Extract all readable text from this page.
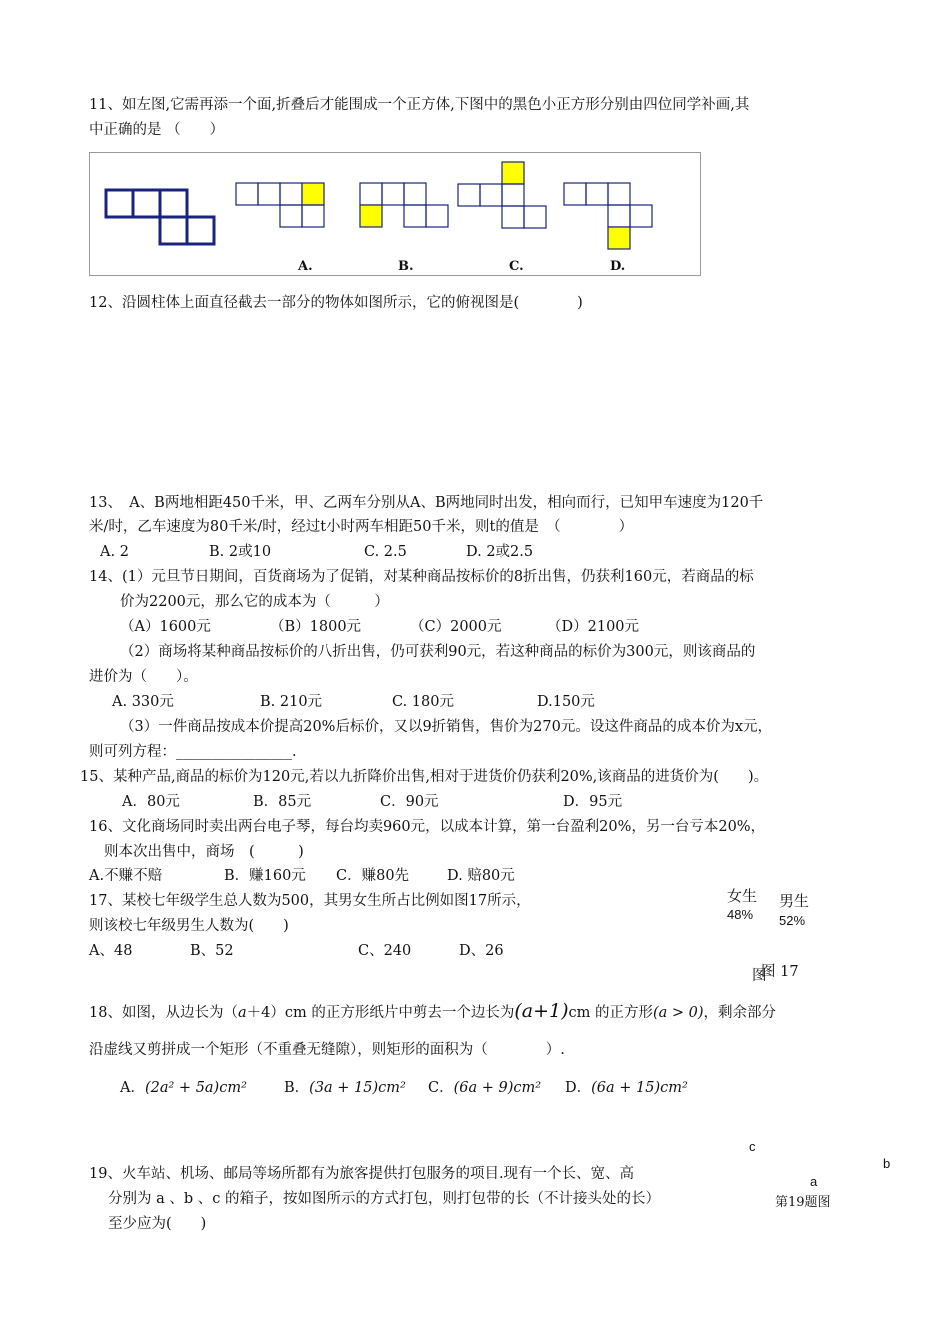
11、如左图,它需再添一个面,折叠后才能围成一个正方体,下图中的黑色小正方形分别由四位同学补画,其
中正确的是 （　　）
A.	B.	C.	D.
12、沿圆柱体上面直径截去一部分的物体如图所示，它的俯视图是(　　　　)
13、　A、B两地相距450千米，甲、乙两车分别从A、B两地同时出发，相向而行，已知甲车速度为120千
米/时，乙车速度为80千米/时，经过t小时两车相距50千米，则t的值是　（　　　　）
A. 2	B. 2或10	C. 2.5	D. 2或2.5
14、(1）元旦节日期间，百货商场为了促销，对某种商品按标价的8折出售，仍获利160元，若商品的标
价为2200元，那么它的成本为（　　　）
（A）1600元	（B）1800元	（C）2000元	（D）2100元
（2）商场将某种商品按标价的八折出售，仍可获利90元，若这种商品的标价为300元，则该商品的
进价为（　　）。
A. 330元	B. 210元	C. 180元	D.150元
（3）一件商品按成本价提高20%后标价，又以9折销售，售价为270元。设这件商品的成本价为x元，
则可列方程：________________.
15、某种产品,商品的标价为120元,若以九折降价出售,相对于进货价仍获利20%,该商品的进货价为(　　)。
A．80元	B．85元	C．90元	D．95元
16、文化商场同时卖出两台电子琴，每台均卖960元，以成本计算，第一台盈利20%，另一台亏本20%，
则本次出售中，商场　(　　　)
A.不赚不赔	B．赚160元 C．赚80先	D. 赔80元
17、某校七年级学生总人数为500，其男女生所占比例如图17所示，
则该校七年级男生人数为(　　)
A、48	B、52	C、240	D、26
女生
48%
男生
52%
图
图 17
18、如图，从边长为（a＋4）cm 的正方形纸片中剪去一个边长为(a+1)cm 的正方形(a > 0)，剩余部分
沿虚线又剪拼成一个矩形（不重叠无缝隙），则矩形的面积为（　　　　）.
A．(2a² + 5a)cm²	B．(3a + 15)cm² C．(6a + 9)cm² D．(6a + 15)cm²
19、火车站、机场、邮局等场所都有为旅客提供打包服务的项目.现有一个长、宽、高
分别为 a 、b 、c 的箱子，按如图所示的方式打包，则打包带的长（不计接头处的长）
至少应为(　　)
c
a
b
第19题图
